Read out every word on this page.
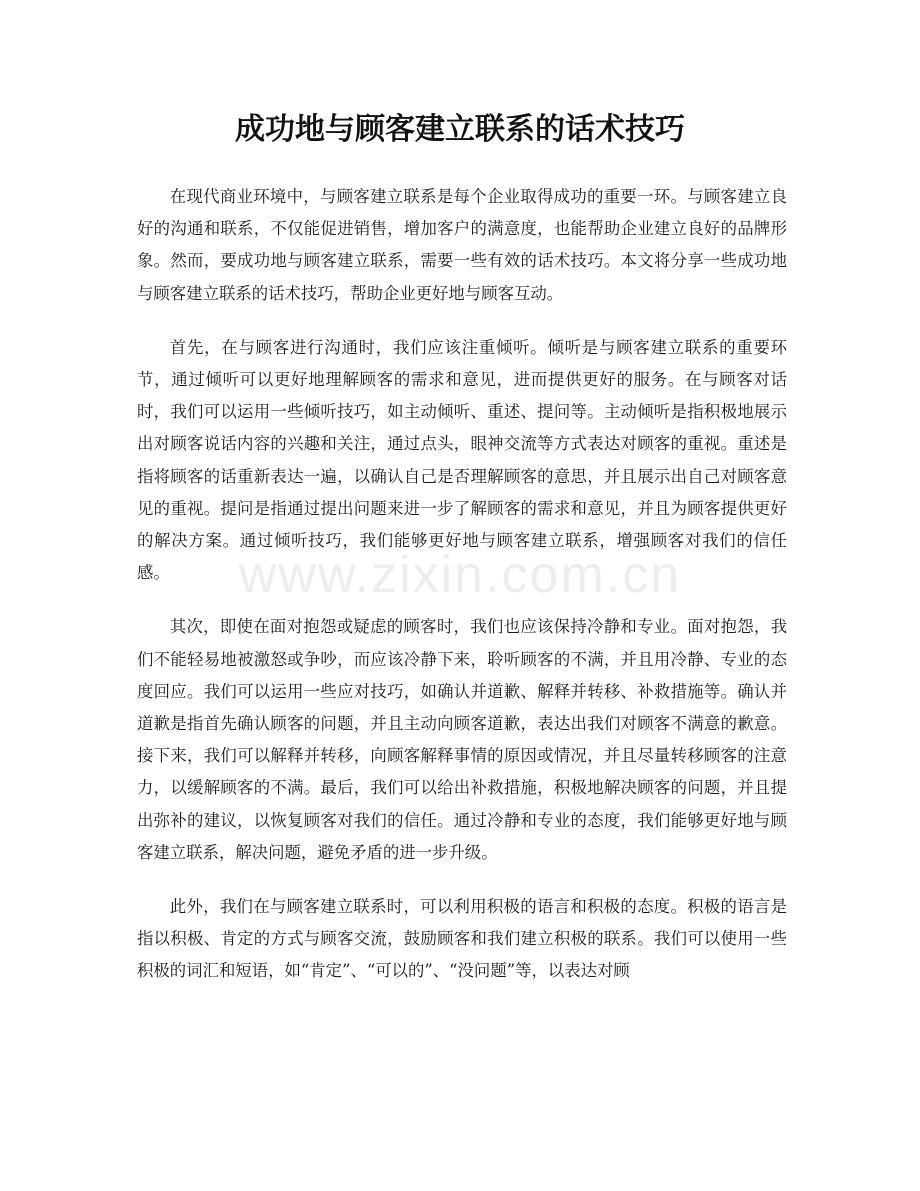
成功地与顾客建立联系的话术技巧

在现代商业环境中，与顾客建立联系是每个企业取得成功的重要一环。与顾客建立良好的沟通和联系，不仅能促进销售，增加客户的满意度，也能帮助企业建立良好的品牌形象。然而，要成功地与顾客建立联系，需要一些有效的话术技巧。本文将分享一些成功地与顾客建立联系的话术技巧，帮助企业更好地与顾客互动。

首先，在与顾客进行沟通时，我们应该注重倾听。倾听是与顾客建立联系的重要环节，通过倾听可以更好地理解顾客的需求和意见，进而提供更好的服务。在与顾客对话时，我们可以运用一些倾听技巧，如主动倾听、重述、提问等。主动倾听是指积极地展示出对顾客说话内容的兴趣和关注，通过点头，眼神交流等方式表达对顾客的重视。重述是指将顾客的话重新表达一遍，以确认自己是否理解顾客的意思，并且展示出自己对顾客意见的重视。提问是指通过提出问题来进一步了解顾客的需求和意见，并且为顾客提供更好的解决方案。通过倾听技巧，我们能够更好地与顾客建立联系，增强顾客对我们的信任感。

其次，即使在面对抱怨或疑虑的顾客时，我们也应该保持冷静和专业。面对抱怨，我们不能轻易地被激怒或争吵，而应该冷静下来，聆听顾客的不满，并且用冷静、专业的态度回应。我们可以运用一些应对技巧，如确认并道歉、解释并转移、补救措施等。确认并道歉是指首先确认顾客的问题，并且主动向顾客道歉，表达出我们对顾客不满意的歉意。接下来，我们可以解释并转移，向顾客解释事情的原因或情况，并且尽量转移顾客的注意力，以缓解顾客的不满。最后，我们可以给出补救措施，积极地解决顾客的问题，并且提出弥补的建议，以恢复顾客对我们的信任。通过冷静和专业的态度，我们能够更好地与顾客建立联系，解决问题，避免矛盾的进一步升级。

此外，我们在与顾客建立联系时，可以利用积极的语言和积极的态度。积极的语言是指以积极、肯定的方式与顾客交流，鼓励顾客和我们建立积极的联系。我们可以使用一些积极的词汇和短语，如“肯定”、“可以的”、“没问题”等，以表达对顾

www.zixin.com.cn
